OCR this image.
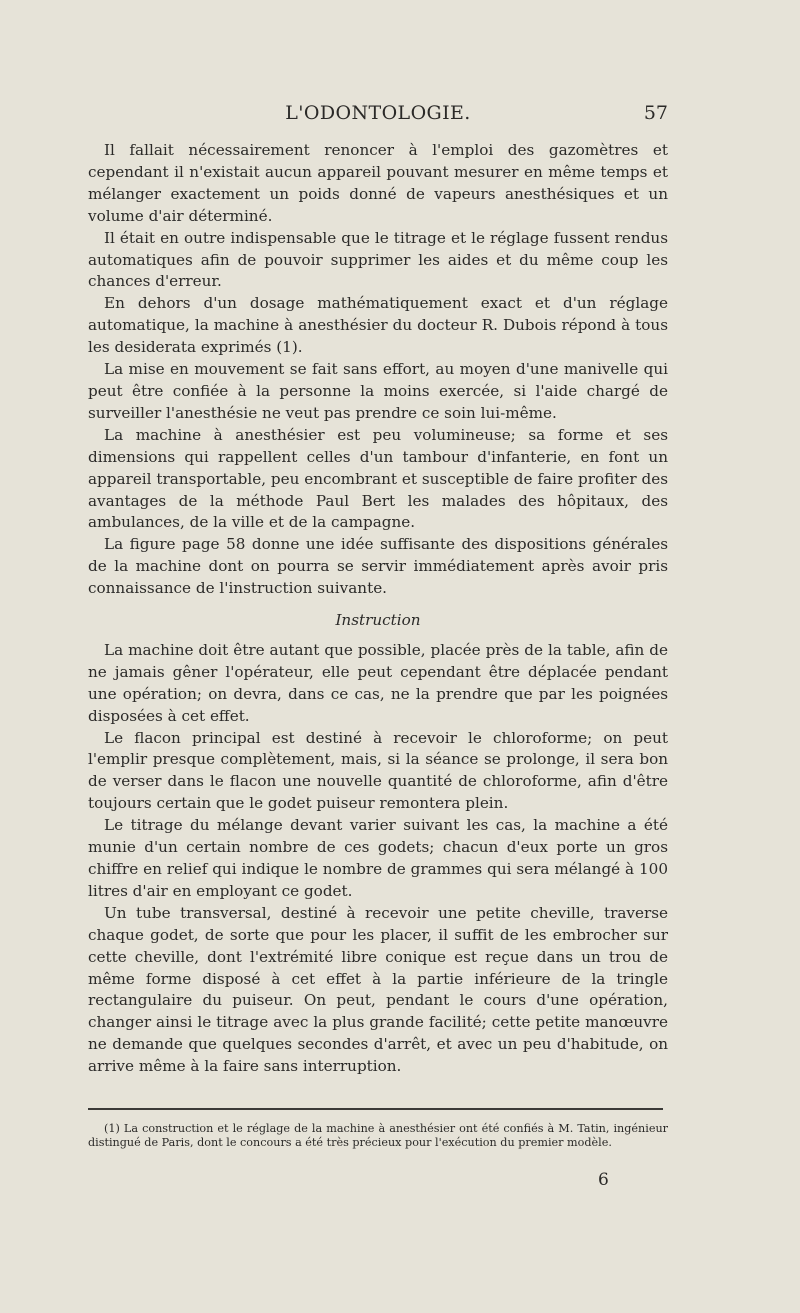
L'ODONTOLOGIE.	57

Il fallait nécessairement renoncer à l'emploi des gazomètres et cependant il n'existait aucun appareil pouvant mesurer en même temps et mélanger exactement un poids donné de vapeurs anesthésiques et un volume d'air déterminé.

Il était en outre indispensable que le titrage et le réglage fussent rendus automatiques afin de pouvoir supprimer les aides et du même coup les chances d'erreur.

En dehors d'un dosage mathématiquement exact et d'un réglage automatique, la machine à anesthésier du docteur R. Dubois répond à tous les desiderata exprimés (1).

La mise en mouvement se fait sans effort, au moyen d'une manivelle qui peut être confiée à la personne la moins exercée, si l'aide chargé de surveiller l'anesthésie ne veut pas prendre ce soin lui-même.

La machine à anesthésier est peu volumineuse; sa forme et ses dimensions qui rappellent celles d'un tambour d'infanterie, en font un appareil transportable, peu encombrant et susceptible de faire profiter des avantages de la méthode Paul Bert les malades des hôpitaux, des ambulances, de la ville et de la campagne.

La figure page 58 donne une idée suffisante des dispositions générales de la machine dont on pourra se servir immédiatement après avoir pris connaissance de l'instruction suivante.

Instruction

La machine doit être autant que possible, placée près de la table, afin de ne jamais gêner l'opérateur, elle peut cependant être déplacée pendant une opération; on devra, dans ce cas, ne la prendre que par les poignées disposées à cet effet.

Le flacon principal est destiné à recevoir le chloroforme; on peut l'emplir presque complètement, mais, si la séance se prolonge, il sera bon de verser dans le flacon une nouvelle quantité de chloroforme, afin d'être toujours certain que le godet puiseur remontera plein.

Le titrage du mélange devant varier suivant les cas, la machine a été munie d'un certain nombre de ces godets; chacun d'eux porte un gros chiffre en relief qui indique le nombre de grammes qui sera mélangé à 100 litres d'air en employant ce godet.

Un tube transversal, destiné à recevoir une petite cheville, traverse chaque godet, de sorte que pour les placer, il suffit de les embrocher sur cette cheville, dont l'extrémité libre conique est reçue dans un trou de même forme disposé à cet effet à la partie inférieure de la tringle rectangulaire du puiseur. On peut, pendant le cours d'une opération, changer ainsi le titrage avec la plus grande facilité; cette petite manœuvre ne demande que quelques secondes d'arrêt, et avec un peu d'habitude, on arrive même à la faire sans interruption.

(1) La construction et le réglage de la machine à anesthésier ont été confiés à M. Tatin, ingénieur distingué de Paris, dont le concours a été très précieux pour l'exécution du premier modèle.
6
